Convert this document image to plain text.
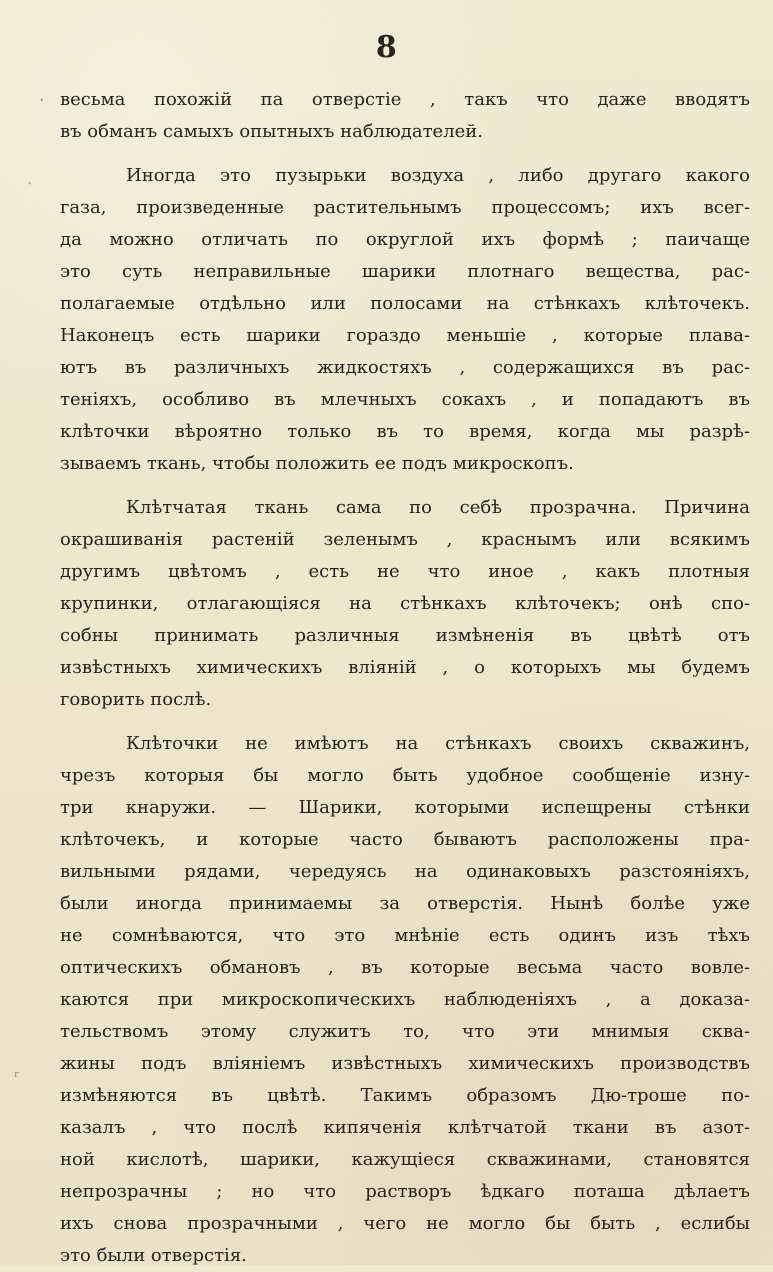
8
весьма похожій па отверстіе , такъ что даже вводятъ
въ обманъ самыхъ опытныхъ наблюдателей.
Иногда это пузырьки воздуха , либо другаго какого
газа, произведенные растительнымъ процессомъ; ихъ всег-
да можно отличать по округлой ихъ формѣ ; паичаще
это суть неправильные шарики плотнаго вещества, рас-
полагаемые отдѣльно или полосами на стѣнкахъ клѣточекъ.
Наконецъ есть шарики гораздо меньшіе , которые плава-
ютъ въ различныхъ жидкостяхъ , содержащихся въ рас-
теніяхъ, особливо въ млечныхъ сокахъ , и попадаютъ въ
клѣточки вѣроятно только въ то время, когда мы разрѣ-
зываемъ ткань, чтобы положить ее подъ микроскопъ.
Клѣтчатая ткань сама по себѣ прозрачна. Причина
окрашиванія растеній зеленымъ , краснымъ или всякимъ
другимъ цвѣтомъ , есть не что иное , какъ плотныя
крупинки, отлагающіяся на стѣнкахъ клѣточекъ; онѣ спо-
собны принимать различныя измѣненія въ цвѣтѣ отъ
извѣстныхъ химическихъ вліяній , о которыхъ мы будемъ
говорить послѣ.
Клѣточки не имѣютъ на стѣнкахъ своихъ скважинъ,
чрезъ которыя бы могло быть удобное сообщеніе изну-
три кнаружи. — Шарики, которыми испещрены стѣнки
клѣточекъ, и которые часто бываютъ расположены пра-
вильными рядами, чередуясь на одинаковыхъ разстояніяхъ,
были иногда принимаемы за отверстія. Нынѣ болѣе уже
не сомнѣваются, что это мнѣніе есть одинъ изъ тѣхъ
оптическихъ обмановъ , въ которые весьма часто вовле-
каются при микроскопическихъ наблюденіяхъ , а доказа-
тельствомъ этому служитъ то, что эти мнимыя сква-
жины подъ вліяніемъ извѣстныхъ химическихъ производствъ
измѣняются въ цвѣтѣ. Такимъ образомъ Дю-трошe по-
казалъ , что послѣ кипяченія клѣтчатой ткани въ азот-
ной кислотѣ, шарики, кажущіеся скважинами, становятся
непрозрачны ; но что растворъ ѣдкаго поташа дѣлаетъ
ихъ снова прозрачными , чего не могло бы быть , еслибы
это были отверстія.
·
ˋ
ʳ
